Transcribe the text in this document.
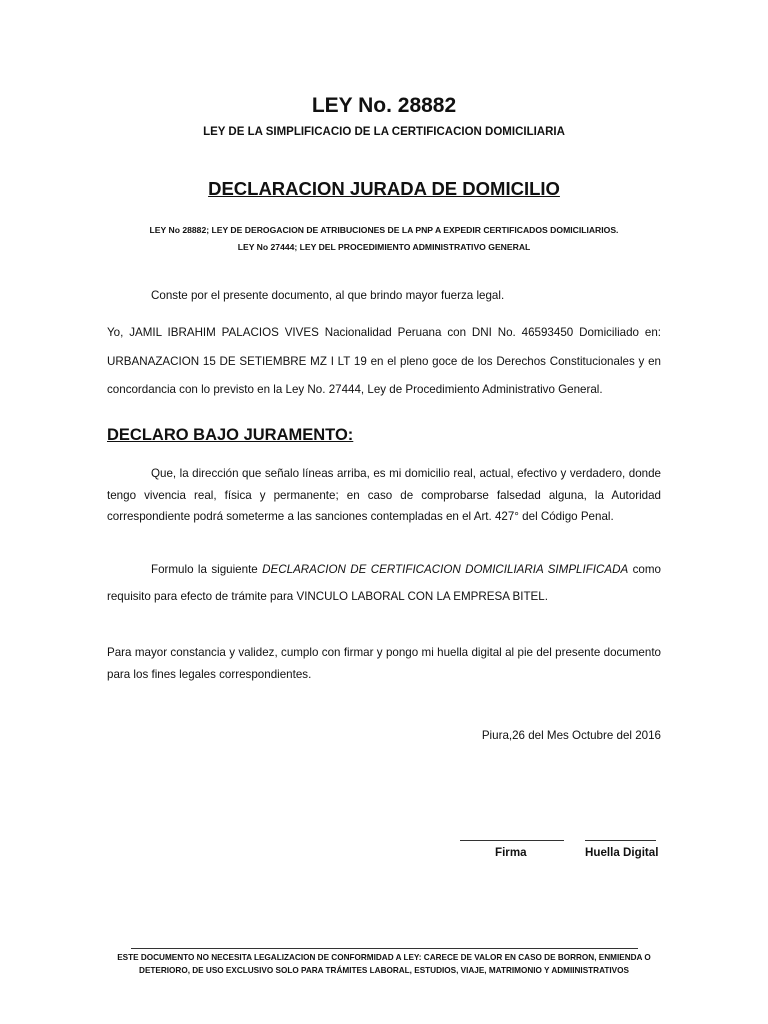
LEY No. 28882
LEY DE LA SIMPLIFICACIO DE LA CERTIFICACION DOMICILIARIA
DECLARACION JURADA DE DOMICILIO
LEY No 28882; LEY DE DEROGACION DE ATRIBUCIONES DE LA PNP A EXPEDIR CERTIFICADOS DOMICILIARIOS.
LEY No 27444; LEY DEL PROCEDIMIENTO ADMINISTRATIVO GENERAL
Conste por el presente documento, al que brindo mayor fuerza legal.
Yo, JAMIL IBRAHIM PALACIOS VIVES Nacionalidad Peruana con DNI No. 46593450 Domiciliado en: URBANAZACION 15 DE SETIEMBRE MZ I LT 19 en el pleno goce de los Derechos Constitucionales y en concordancia con lo previsto en la Ley No. 27444, Ley de Procedimiento Administrativo General.
DECLARO BAJO JURAMENTO:
Que, la dirección que señalo líneas arriba, es mi domicilio real, actual, efectivo y verdadero, donde tengo vivencia real, física y permanente; en caso de comprobarse falsedad alguna, la Autoridad correspondiente podrá someterme a las sanciones contempladas en el Art. 427° del Código Penal.
Formulo la siguiente DECLARACION DE CERTIFICACION DOMICILIARIA SIMPLIFICADA como requisito para efecto de trámite para VINCULO LABORAL CON LA EMPRESA BITEL.
Para mayor constancia y validez, cumplo con firmar y pongo mi huella digital al pie del presente documento para los fines legales correspondientes.
Piura,26 del Mes Octubre del 2016
Firma	Huella Digital
ESTE DOCUMENTO NO NECESITA LEGALIZACION DE CONFORMIDAD A LEY: CARECE DE VALOR EN CASO DE BORRON, ENMIENDA O DETERIORO, DE USO EXCLUSIVO SOLO PARA TRÁMITES LABORAL, ESTUDIOS, VIAJE, MATRIMONIO Y ADMIINISTRATIVOS
